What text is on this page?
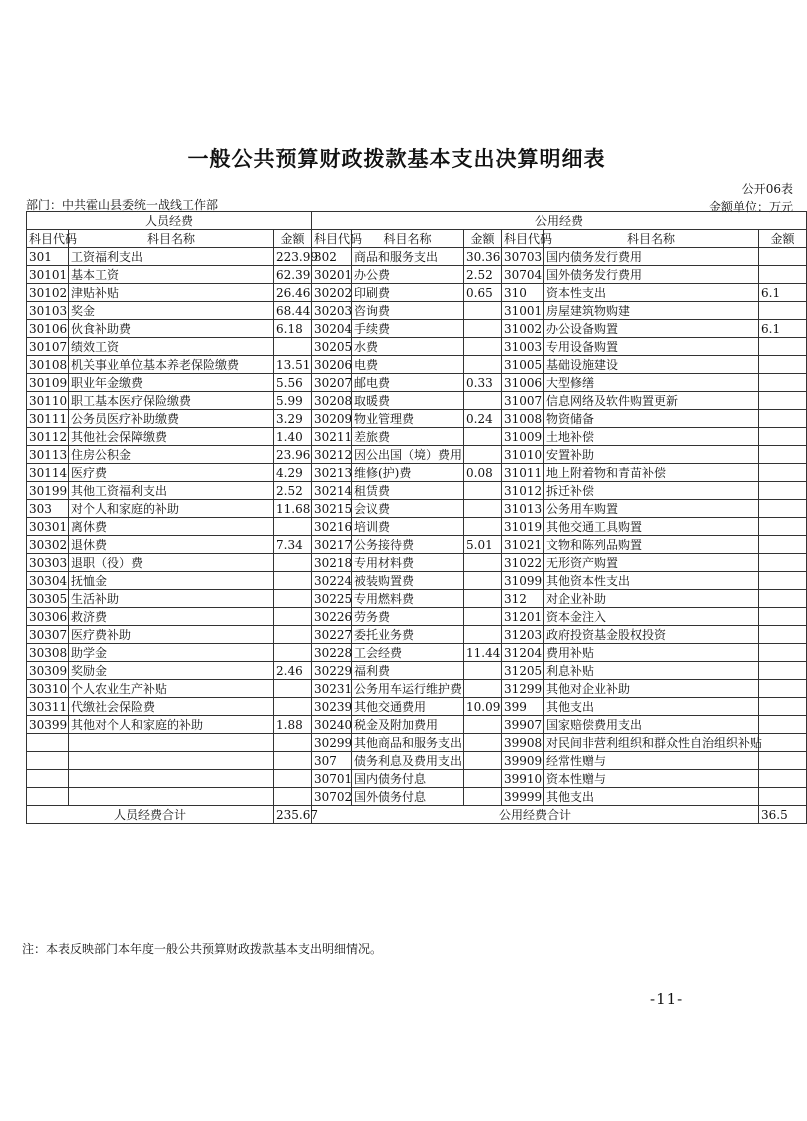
一般公共预算财政拨款基本支出决算明细表
公开06表
部门：中共霍山县委统一战线工作部	金额单位：万元
人员经费			公用经费					
科目代码	科目名称	金额	科目代码	科目名称	金额	科目代码	科目名称	金额
301	工资福利支出	223.99	302	商品和服务支出	30.36	30703	国内债务发行费用	
30101	基本工资	62.39	30201	办公费	2.52	30704	国外债务发行费用	
30102	津贴补贴	26.46	30202	印刷费	0.65	310	资本性支出	6.1
30103	奖金	68.44	30203	咨询费		31001	房屋建筑物购建	
30106	伙食补助费	6.18	30204	手续费		31002	办公设备购置	6.1
30107	绩效工资		30205	水费		31003	专用设备购置	
30108	机关事业单位基本养老保险缴费	13.51	30206	电费		31005	基础设施建设	
30109	职业年金缴费	5.56	30207	邮电费	0.33	31006	大型修缮	
30110	职工基本医疗保险缴费	5.99	30208	取暖费		31007	信息网络及软件购置更新	
30111	公务员医疗补助缴费	3.29	30209	物业管理费	0.24	31008	物资储备	
30112	其他社会保障缴费	1.40	30211	差旅费		31009	土地补偿	
30113	住房公积金	23.96	30212	因公出国（境）费用		31010	安置补助	
30114	医疗费	4.29	30213	维修(护)费	0.08	31011	地上附着物和青苗补偿	
30199	其他工资福利支出	2.52	30214	租赁费		31012	拆迁补偿	
303	对个人和家庭的补助	11.68	30215	会议费		31013	公务用车购置	
30301	离休费		30216	培训费		31019	其他交通工具购置	
30302	退休费	7.34	30217	公务接待费	5.01	31021	文物和陈列品购置	
30303	退职（役）费		30218	专用材料费		31022	无形资产购置	
30304	抚恤金		30224	被装购置费		31099	其他资本性支出	
30305	生活补助		30225	专用燃料费		312	对企业补助	
30306	救济费		30226	劳务费		31201	资本金注入	
30307	医疗费补助		30227	委托业务费		31203	政府投资基金股权投资	
30308	助学金		30228	工会经费	11.44	31204	费用补贴	
30309	奖励金	2.46	30229	福利费		31205	利息补贴	
30310	个人农业生产补贴		30231	公务用车运行维护费		31299	其他对企业补助	
30311	代缴社会保险费		30239	其他交通费用	10.09	399	其他支出	
30399	其他对个人和家庭的补助	1.88	30240	税金及附加费用		39907	国家赔偿费用支出	
			30299	其他商品和服务支出		39908	对民间非营利组织和群众性自治组织补贴	
			307	债务利息及费用支出		39909	经常性赠与	
			30701	国内债务付息		39910	资本性赠与	
			30702	国外债务付息		39999	其他支出	
人员经费合计		235.67	公用经费合计					36.5
注：本表反映部门本年度一般公共预算财政拨款基本支出明细情况。
-11-
